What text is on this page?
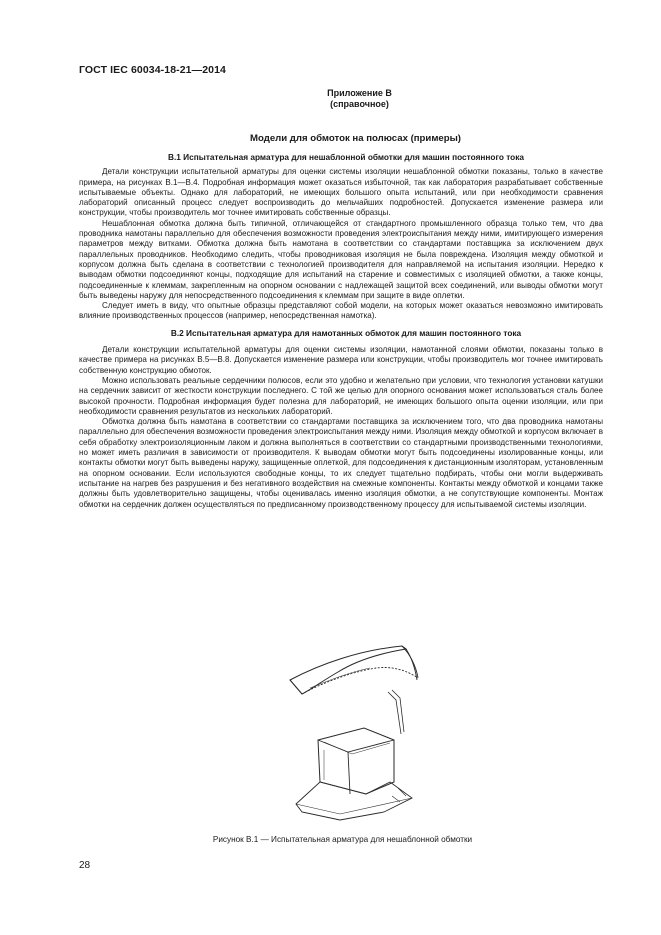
ГОСТ IEC 60034-18-21—2014
Приложение В
(справочное)
Модели для обмоток на полюсах (примеры)
В.1 Испытательная арматура для нешаблонной обмотки для машин постоянного тока

Детали конструкции испытательной арматуры для оценки системы изоляции нешаблонной обмотки показаны, только в качестве примера, на рисунках В.1—В.4. Подробная информация может оказаться избыточной, так как лаборатория разрабатывает собственные испытываемые объекты. Однако для лабораторий, не имеющих большого опыта испытаний, или при необходимости сравнения лабораторий описанный процесс следует воспроизводить до мельчайших подробностей. Допускается изменение размера или конструкции, чтобы производитель мог точнее имитировать собственные образцы.

Нешаблонная обмотка должна быть типичной, отличающейся от стандартного промышленного образца только тем, что два проводника намотаны параллельно для обеспечения возможности проведения электроиспытания между ними, имитирующего измерения параметров между витками. Обмотка должна быть намотана в соответствии со стандартами поставщика за исключением двух параллельных проводников. Необходимо следить, чтобы проводниковая изоляция не была повреждена. Изоляция между обмоткой и корпусом должна быть сделана в соответствии с технологией производителя для направляемой на испытания изоляции. Нередко к выводам обмотки подсоединяют концы, подходящие для испытаний на старение и совместимых с изоляцией обмотки, а также концы, подсоединенные к клеммам, закрепленным на опорном основании с надлежащей защитой всех соединений, или выводы обмотки могут быть выведены наружу для непосредственного подсоединения к клеммам при защите в виде оплетки.

Следует иметь в виду, что опытные образцы представляют собой модели, на которых может оказаться невозможно имитировать влияние производственных процессов (например, непосредственная намотка).

В.2 Испытательная арматура для намотанных обмоток для машин постоянного тока

Детали конструкции испытательной арматуры для оценки системы изоляции, намотанной слоями обмотки, показаны только в качестве примера на рисунках В.5—В.8. Допускается изменение размера или конструкции, чтобы производитель мог точнее имитировать собственную конструкцию обмоток.

Можно использовать реальные сердечники полюсов, если это удобно и желательно при условии, что технология установки катушки на сердечник зависит от жесткости конструкции последнего. С той же целью для опорного основания может использоваться сталь более высокой прочности. Подробная информация будет полезна для лабораторий, не имеющих большого опыта оценки изоляции, или при необходимости сравнения результатов из нескольких лабораторий.

Обмотка должна быть намотана в соответствии со стандартами поставщика за исключением того, что два проводника намотаны параллельно для обеспечения возможности проведения электроиспытания между ними. Изоляция между обмоткой и корпусом включает в себя обработку электроизоляционным лаком и должна выполняться в соответствии со стандартными производственными технологиями, но может иметь различия в зависимости от производителя. К выводам обмотки могут быть подсоединены изолированные концы, или контакты обмотки могут быть выведены наружу, защищенные оплеткой, для подсоединения к дистанционным изоляторам, установленным на опорном основании. Если используются свободные концы, то их следует тщательно подбирать, чтобы они могли выдерживать испытание на нагрев без разрушения и без негативного воздействия на смежные компоненты. Контакты между обмоткой и концами также должны быть удовлетворительно защищены, чтобы оценивалась именно изоляция обмотки, а не сопутствующие компоненты. Монтаж обмотки на сердечник должен осуществляться по предписанному производственному процессу для испытываемой системы изоляции.

Рисунок В.1 — Испытательная арматура для нешаблонной обмотки
28
